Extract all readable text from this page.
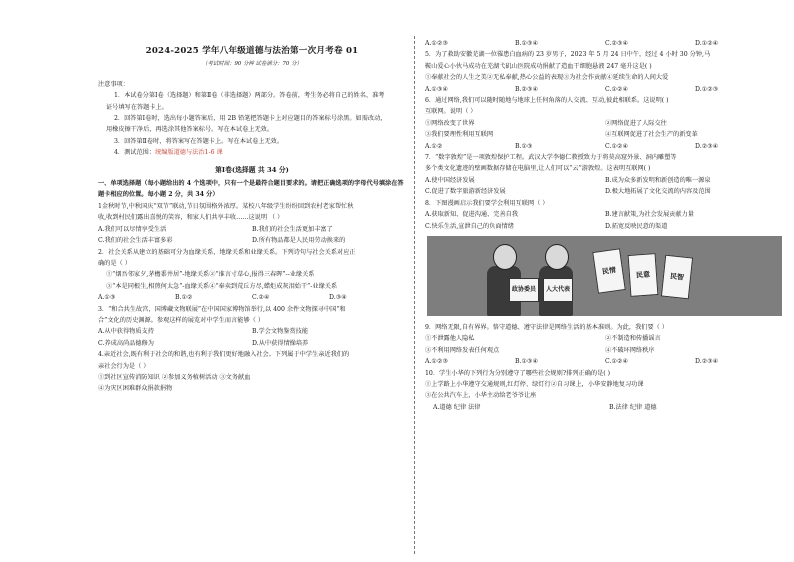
2024-2025 学年八年级道德与法治第一次月考卷 01
（考试时间：90 分钟 试卷满分：70 分）
注意事项：
1．本试卷分第Ⅰ卷（选择题）和第Ⅱ卷（非选择题）两部分。答卷前，考生务必将自己的姓名、准考
证号填写在答题卡上。
2．回答第Ⅰ卷时，选出每小题答案后，用 2B 铅笔把答题卡上对应题目的答案标号涂黑。如需改动，
用橡皮擦干净后，再选涂其他答案标号。写在本试卷上无效。
3．回答第Ⅱ卷时，将答案写在答题卡上。写在本试卷上无效。
4．测试范围：统编版道德与法治1-6 课
第Ⅰ卷(选择题 共 34 分)
一、单项选择题（每小题给出的 4 个选项中，只有一个是最符合题目要求的。请把正确选项的字母代号填涂在答
题卡相应的位置。每小题 2 分，共 34 分）
1金秋时节,中秋国庆“双节”联动,节日氛围格外浓厚。某校八年级学生纷纷回到农村老家帮忙秋
收,收到村民们露出喜悦的笑容，和家人们共享丰收……这说明 （ ）
A.我们可以尽情享受生活	B.我们的社会生活更加丰富了
C.我们的社会生活丰富多彩	D.所有物品都是人民用劳动换来的
2．社会关系从建立的基础可分为血缘关系、地缘关系和业缘关系。下列诗句与社会关系对应正
确的是（ ）
①“烟吾邻家夕,茅檐黍井居”-地缘关系②“谁言寸草心,报得三春晖”--业缘关系
③“本是同根生,相煎何太急”-血缘关系④“奉卖到荒丘方尽,蜡炬成灰泪始干”-业缘关系
A.①③	B.①②	C.②④	D.③④
3．“和合共生故宫，国博藏文物联展”在中国国家博物馆举行,以 400 余件文物探寻中国“和
合”文化的历史渊源。参观这样的展览对中学生而言能够（ ）
A.从中获得物质支持	B.学会文物鉴赏技能
C.养成高尚品德修为	D.从中获得情操培养
4.亲近社会,既有利于社会的和谐,也有利于我们更好地融入社会。下列属于中学生亲近我们的
亲社会行为是（ ）
①到社区宣传消防知识 ②参加义务植树活动 ③文务献血
④为灾区困难群众捐款捐物
A.①②③	B.①③④	C.②③④	D.①②④
5．为了救助安徽芜湖一位罹患白血病的 23 岁男子，2023 年 5 月 24 日中午，经过 4 小时 30 分钟,马
鞍山爱心小伙马成功在芜湖弋矶山医院成功捐献了造血干细胞悬液 247 毫升这是( )
①奉献社会的人生之美②无私奉献,热心公益的表现③为社会作贡献④延续生命的人间大爱
A.①③④	B.②③④	C.①②④	D.①②③
6．通过网络,我们可以随时随地与地球上任何角落的人交流、互动,彼此相联系。这说明( )
互联网。说明（ ）
①网络改变了世界	②网络促进了人际交往
③我们要理性利用互联网	④互联网促进了社会生产的新变革
A.①②	B.①③	C.①②④	D.②③④
7．“数字敦煌”是一项敦煌保护工程。武汉大学李德仁教授致力于将莫高窟外景、洞内雕塑等
多个类文化遗迹的壁画数据存储在电脑里,让人们可以“云”游敦煌。这表明互联网( )
A.使中国经济发展	B.成为众多新发明和新创造的唯一源泉
C.促进了数字旅游新经济发展	D.极大地拓展了文化交流的内容及范围
8．下图漫画启示我们要学会利用互联网（ ）
A.获取新知、促进沟通、完善自我	B.建言献策,为社会发展贡献力量
C.快乐生活,宣泄自己的负面情绪	D.拓宽反映民意的渠道
政协委员	人大代表
民情	民意	民智
9．网络无限,自有界界。恪守道德、遵守法律是网络生活的基本准则。为此，我们要（ ）
①不泄露他人隐私	②不制造和传播谣言
③不利用网络发表任何观点	④不破坏网络秩序
A.①②③	B.①③④	C.①②④	D.②③④
10．学生小华的下列行为分别遵守了哪些社会规则?排列正确的是( )
①上学路上小华遵守交通规则,红灯停、绿灯行②自习课上，小华安静地复习功课
③在公共汽车上，小华主动给老爷爷让座
A.道德 纪律 法律	B.法律 纪律 道德
